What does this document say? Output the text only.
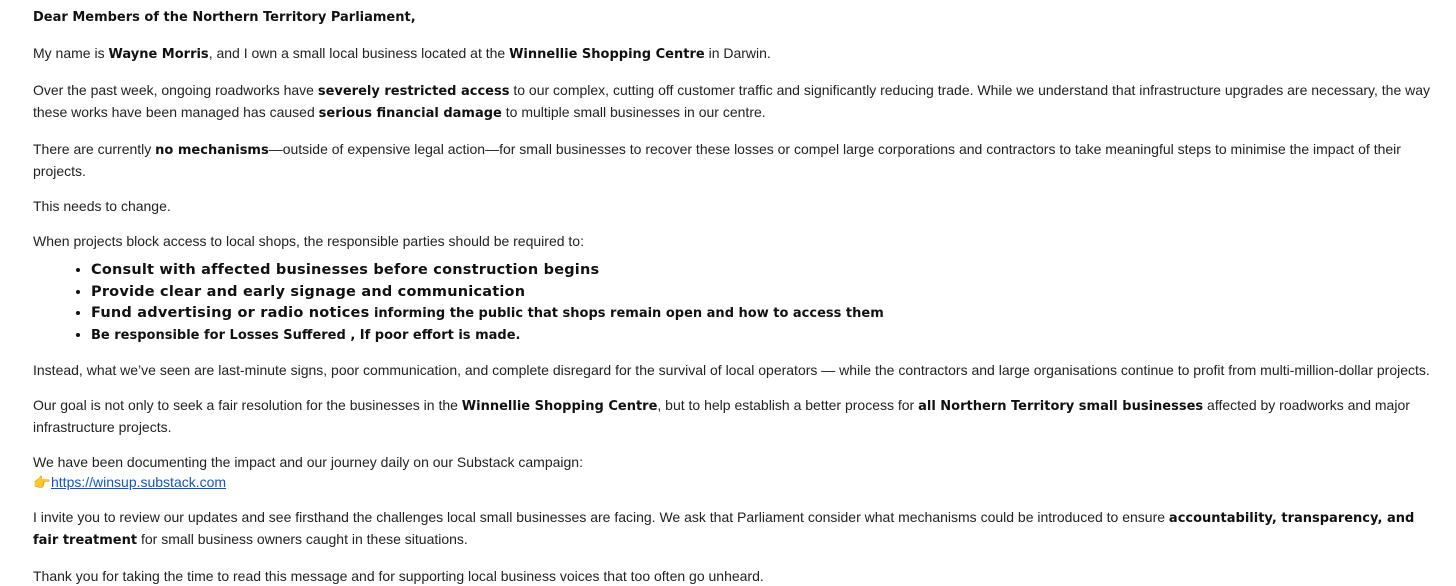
Dear Members of the Northern Territory Parliament,

My name is Wayne Morris, and I own a small local business located at the Winnellie Shopping Centre in Darwin.

Over the past week, ongoing roadworks have severely restricted access to our complex, cutting off customer traffic and significantly reducing trade. While we understand that infrastructure upgrades are necessary, the way these works have been managed has caused serious financial damage to multiple small businesses in our centre.

There are currently no mechanisms—outside of expensive legal action—for small businesses to recover these losses or compel large corporations and contractors to take meaningful steps to minimise the impact of their projects.

This needs to change.

When projects block access to local shops, the responsible parties should be required to:

• Consult with affected businesses before construction begins
• Provide clear and early signage and communication
• Fund advertising or radio notices informing the public that shops remain open and how to access them
• Be responsible for Losses Suffered , If poor effort is made.

Instead, what we’ve seen are last-minute signs, poor communication, and complete disregard for the survival of local operators — while the contractors and large organisations continue to profit from multi-million-dollar projects.

Our goal is not only to seek a fair resolution for the businesses in the Winnellie Shopping Centre, but to help establish a better process for all Northern Territory small businesses affected by roadworks and major infrastructure projects.

We have been documenting the impact and our journey daily on our Substack campaign:
👉https://winsup.substack.com

I invite you to review our updates and see firsthand the challenges local small businesses are facing. We ask that Parliament consider what mechanisms could be introduced to ensure accountability, transparency, and fair treatment for small business owners caught in these situations.

Thank you for taking the time to read this message and for supporting local business voices that too often go unheard.
